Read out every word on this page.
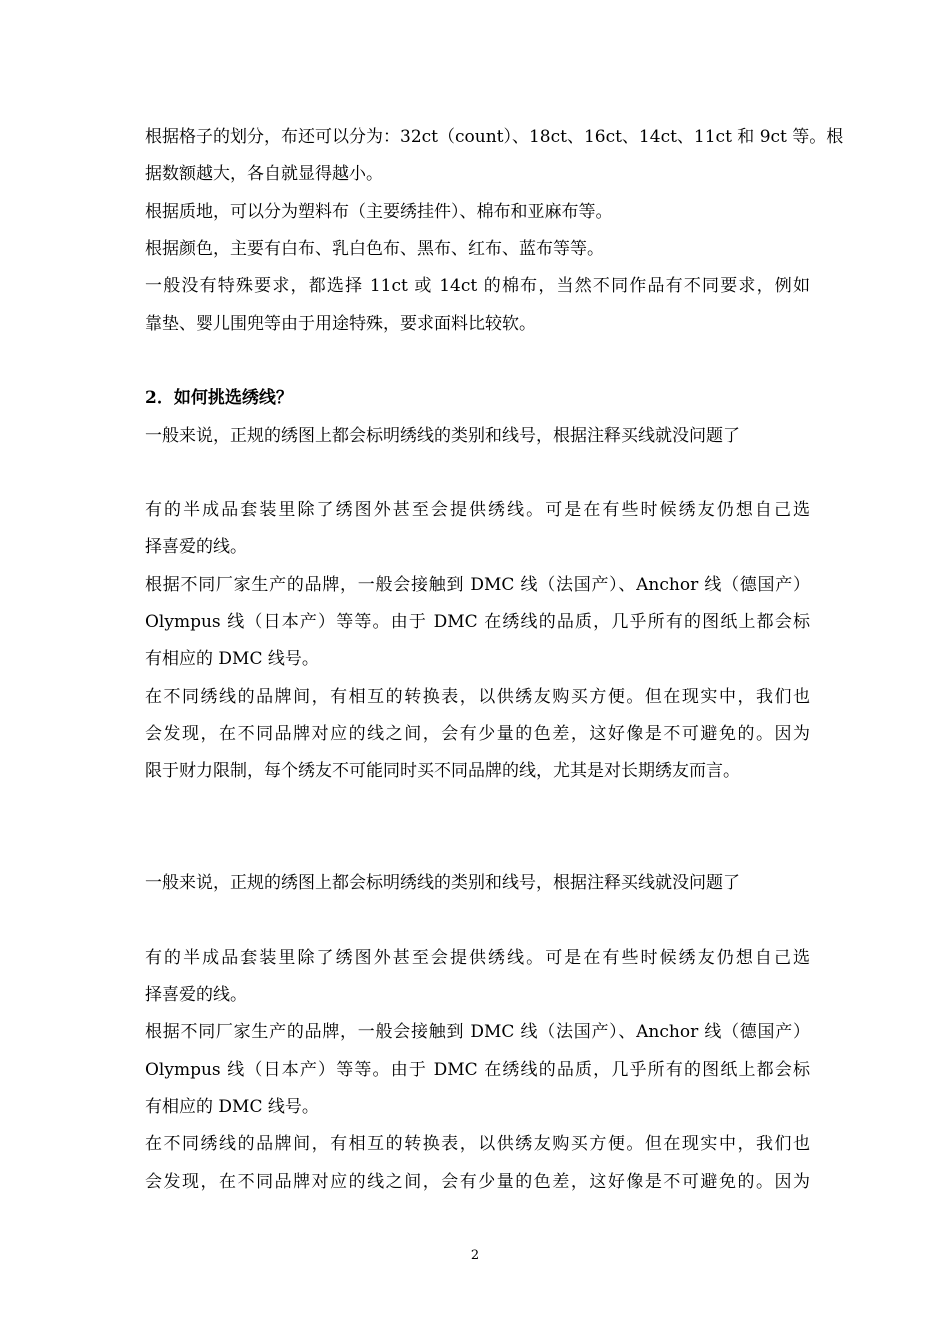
根据格子的划分，布还可以分为：32ct（count）、18ct、16ct、14ct、11ct 和 9ct 等。根
据数额越大，各自就显得越小。
根据质地，可以分为塑料布（主要绣挂件）、棉布和亚麻布等。
根据颜色，主要有白布、乳白色布、黑布、红布、蓝布等等。
一般没有特殊要求，都选择 11ct 或 14ct 的棉布，当然不同作品有不同要求，例如
靠垫、婴儿围兜等由于用途特殊，要求面料比较软。
2．如何挑选绣线？
一般来说，正规的绣图上都会标明绣线的类别和线号，根据注释买线就没问题了
有的半成品套装里除了绣图外甚至会提供绣线。可是在有些时候绣友仍想自己选
择喜爱的线。
根据不同厂家生产的品牌，一般会接触到 DMC 线（法国产）、Anchor 线（德国产）
Olympus 线（日本产）等等。由于 DMC 在绣线的品质，几乎所有的图纸上都会标
有相应的 DMC 线号。
在不同绣线的品牌间，有相互的转换表，以供绣友购买方便。但在现实中，我们也
会发现，在不同品牌对应的线之间，会有少量的色差，这好像是不可避免的。因为
限于财力限制，每个绣友不可能同时买不同品牌的线，尤其是对长期绣友而言。
一般来说，正规的绣图上都会标明绣线的类别和线号，根据注释买线就没问题了
有的半成品套装里除了绣图外甚至会提供绣线。可是在有些时候绣友仍想自己选
择喜爱的线。
根据不同厂家生产的品牌，一般会接触到 DMC 线（法国产）、Anchor 线（德国产）
Olympus 线（日本产）等等。由于 DMC 在绣线的品质，几乎所有的图纸上都会标
有相应的 DMC 线号。
在不同绣线的品牌间，有相互的转换表，以供绣友购买方便。但在现实中，我们也
会发现，在不同品牌对应的线之间，会有少量的色差，这好像是不可避免的。因为
2
